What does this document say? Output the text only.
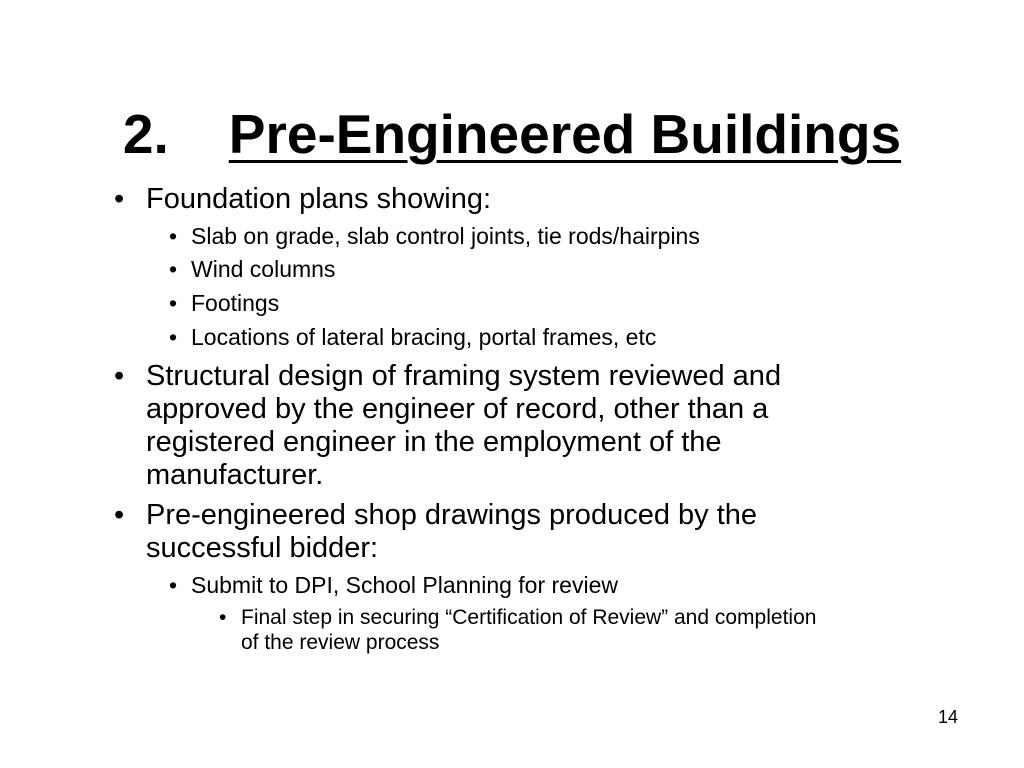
2. Pre-Engineered Buildings
• Foundation plans showing:
• Slab on grade, slab control joints, tie rods/hairpins
• Wind columns
• Footings
• Locations of lateral bracing, portal frames, etc
• Structural design of framing system reviewed and
approved by the engineer of record, other than a
registered engineer in the employment of the
manufacturer.
• Pre-engineered shop drawings produced by the
successful bidder:
• Submit to DPI, School Planning for review
• Final step in securing “Certification of Review” and completion
of the review process
14
